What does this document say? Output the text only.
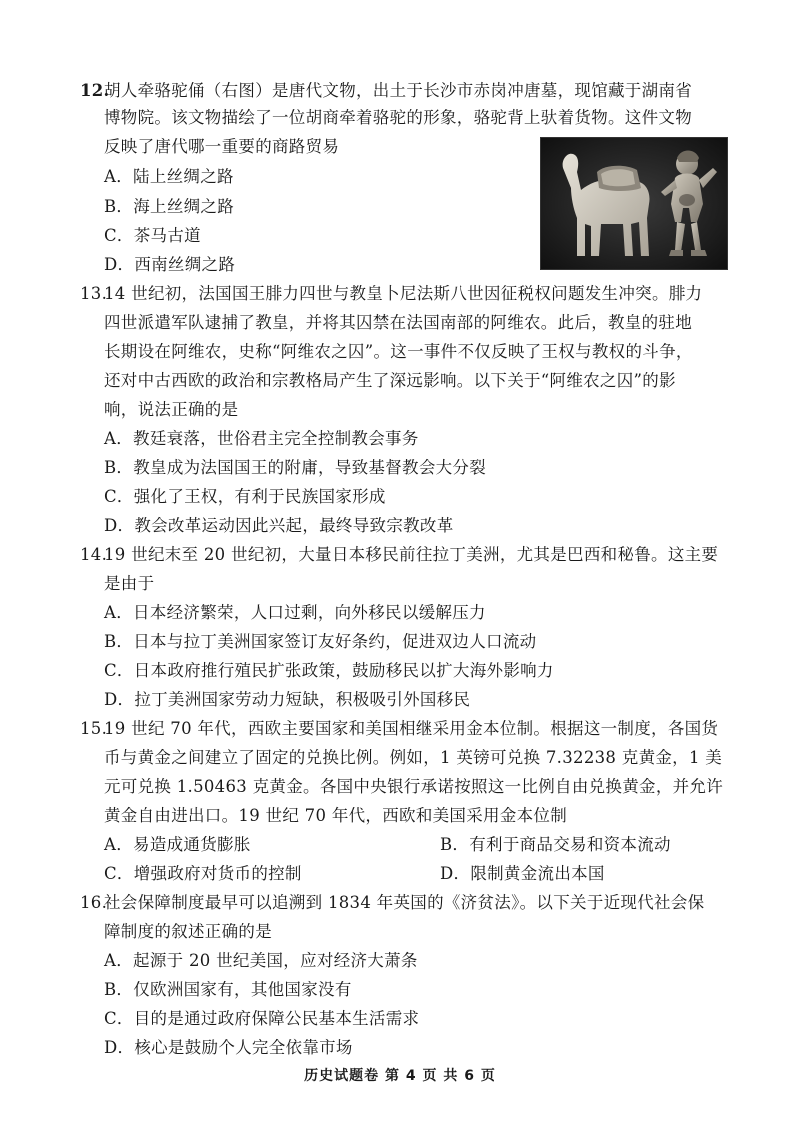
12.
胡人牵骆驼俑（右图）是唐代文物，出土于长沙市赤岗冲唐墓，现馆藏于湖南省
博物院。该文物描绘了一位胡商牵着骆驼的形象，骆驼背上驮着货物。这件文物
反映了唐代哪一重要的商路贸易
A．陆上丝绸之路
B．海上丝绸之路
C．茶马古道
D．西南丝绸之路
13.
14 世纪初，法国国王腓力四世与教皇卜尼法斯八世因征税权问题发生冲突。腓力
四世派遣军队逮捕了教皇，并将其囚禁在法国南部的阿维农。此后，教皇的驻地
长期设在阿维农，史称“阿维农之囚”。这一事件不仅反映了王权与教权的斗争，
还对中古西欧的政治和宗教格局产生了深远影响。以下关于“阿维农之囚”的影
响，说法正确的是
A．教廷衰落，世俗君主完全控制教会事务
B．教皇成为法国国王的附庸，导致基督教会大分裂
C．强化了王权，有利于民族国家形成
D．教会改革运动因此兴起，最终导致宗教改革
14.
19 世纪末至 20 世纪初，大量日本移民前往拉丁美洲，尤其是巴西和秘鲁。这主要
是由于
A．日本经济繁荣，人口过剩，向外移民以缓解压力
B．日本与拉丁美洲国家签订友好条约，促进双边人口流动
C．日本政府推行殖民扩张政策，鼓励移民以扩大海外影响力
D．拉丁美洲国家劳动力短缺，积极吸引外国移民
15.
19 世纪 70 年代，西欧主要国家和美国相继采用金本位制。根据这一制度，各国货
币与黄金之间建立了固定的兑换比例。例如，1 英镑可兑换 7.32238 克黄金，1 美
元可兑换 1.50463 克黄金。各国中央银行承诺按照这一比例自由兑换黄金，并允许
黄金自由进出口。19 世纪 70 年代，西欧和美国采用金本位制
A．易造成通货膨胀	B．有利于商品交易和资本流动
C．增强政府对货币的控制	D．限制黄金流出本国
16.
社会保障制度最早可以追溯到 1834 年英国的《济贫法》。以下关于近现代社会保
障制度的叙述正确的是
A．起源于 20 世纪美国，应对经济大萧条
B．仅欧洲国家有，其他国家没有
C．目的是通过政府保障公民基本生活需求
D．核心是鼓励个人完全依靠市场
历史试题卷 第 4 页 共 6 页
